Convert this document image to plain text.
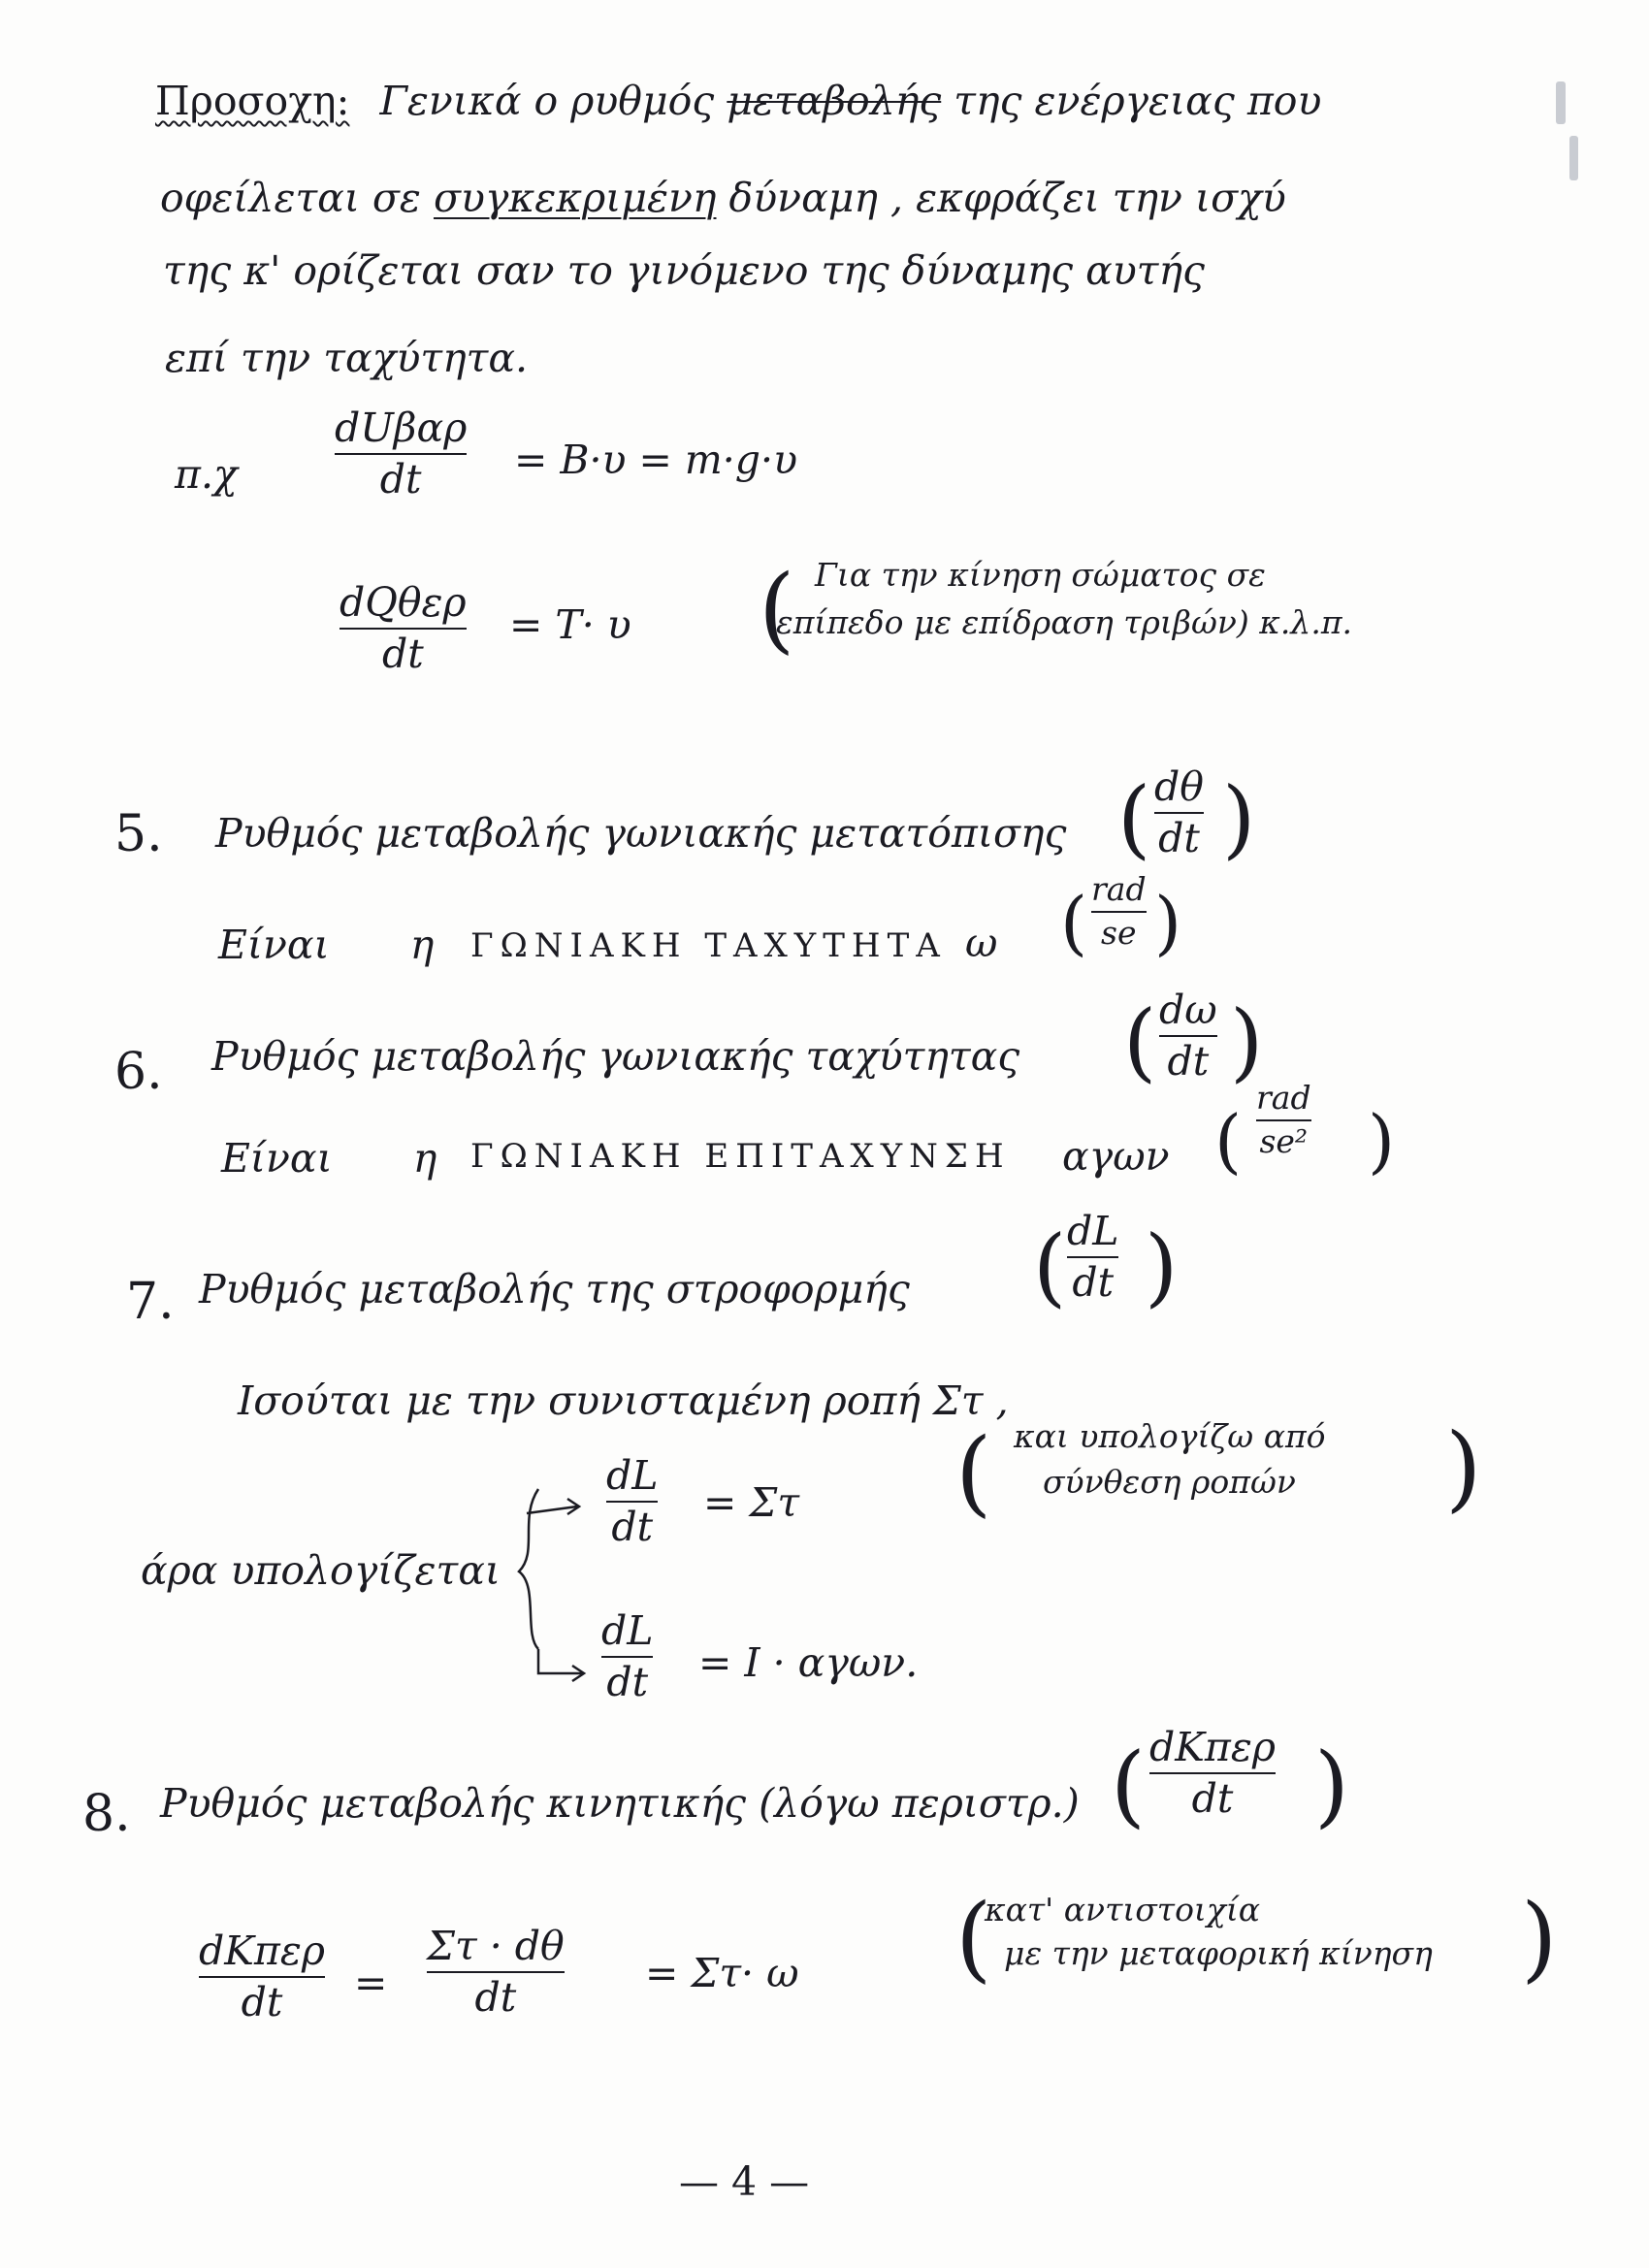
Προσοχη: Γενικά ο ρυθμός μεταβολής της ενέργειας που
οφείλεται σε συγκεκριμένη δύναμη , εκφράζει την ισχύ
της κ' ορίζεται σαν το γινόμενο της δύναμης αυτής
επί την ταχύτητα.
π.χ
dUβαρ
dt = Β·υ = m·g·υ
dQθερ
dt
= Τ· υ ( Για την κίνηση σώματος σε
επίπεδο με επίδραση τριβών) κ.λ.π.
5. Ρυθμός μεταβολής γωνιακής μετατόπισης ( dθ
dt )
Είναι η ΓΩΝΙΑΚΗ ΤΑΧΥΤΗΤΑ ω ( rad
se )
6. Ρυθμός μεταβολής γωνιακής ταχύτητας ( dω
dt )
Είναι η ΓΩΝΙΑΚΗ ΕΠΙΤΑΧΥΝΣΗ αγων (
rad
se² )
7. Ρυθμός μεταβολής της στροφορμής ( dL
dt )
Ισούται με την συνισταμένη ροπή Στ ,
άρα υπολογίζεται
dL
dt
= Στ ( και υπολογίζω από
σύνθεση ροπών	)
dL
dt = Ι · αγων.
8. Ρυθμός μεταβολής κινητικής (λόγω περιστρ.) ( dKπερ
dt )
dKπερ
dt =
Στ · dθ
dt
= Στ· ω (
κατ' αντιστοιχία
με την μεταφορική κίνηση )
— 4 —
